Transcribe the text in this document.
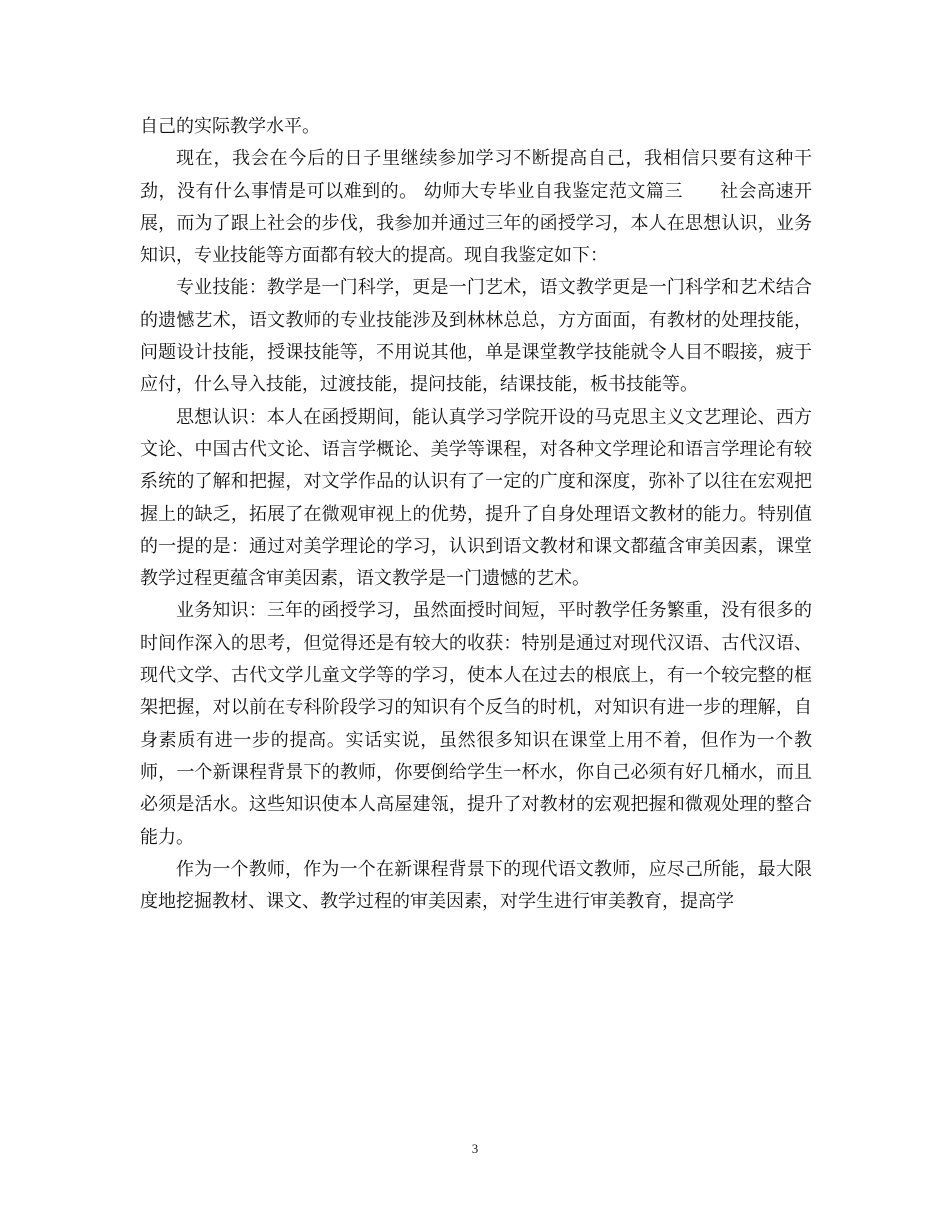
自己的实际教学水平。

现在，我会在今后的日子里继续参加学习不断提高自己，我相信只要有这种干劲，没有什么事情是可以难到的。 幼师大专毕业自我鉴定范文篇三　　社会高速开展，而为了跟上社会的步伐，我参加并通过三年的函授学习，本人在思想认识，业务知识，专业技能等方面都有较大的提高。现自我鉴定如下：

专业技能：教学是一门科学，更是一门艺术，语文教学更是一门科学和艺术结合的遗憾艺术，语文教师的专业技能涉及到林林总总，方方面面，有教材的处理技能，问题设计技能，授课技能等，不用说其他，单是课堂教学技能就令人目不暇接，疲于应付，什么导入技能，过渡技能，提问技能，结课技能，板书技能等。

思想认识：本人在函授期间，能认真学习学院开设的马克思主义文艺理论、西方文论、中国古代文论、语言学概论、美学等课程，对各种文学理论和语言学理论有较系统的了解和把握，对文学作品的认识有了一定的广度和深度，弥补了以往在宏观把握上的缺乏，拓展了在微观审视上的优势，提升了自身处理语文教材的能力。特别值的一提的是：通过对美学理论的学习，认识到语文教材和课文都蕴含审美因素，课堂教学过程更蕴含审美因素，语文教学是一门遗憾的艺术。

业务知识：三年的函授学习，虽然面授时间短，平时教学任务繁重，没有很多的时间作深入的思考，但觉得还是有较大的收获：特别是通过对现代汉语、古代汉语、现代文学、古代文学儿童文学等的学习，使本人在过去的根底上，有一个较完整的框架把握，对以前在专科阶段学习的知识有个反刍的时机，对知识有进一步的理解，自身素质有进一步的提高。实话实说，虽然很多知识在课堂上用不着，但作为一个教师，一个新课程背景下的教师，你要倒给学生一杯水，你自己必须有好几桶水，而且必须是活水。这些知识使本人高屋建瓴，提升了对教材的宏观把握和微观处理的整合能力。

作为一个教师，作为一个在新课程背景下的现代语文教师，应尽己所能，最大限度地挖掘教材、课文、教学过程的审美因素，对学生进行审美教育，提高学

3
